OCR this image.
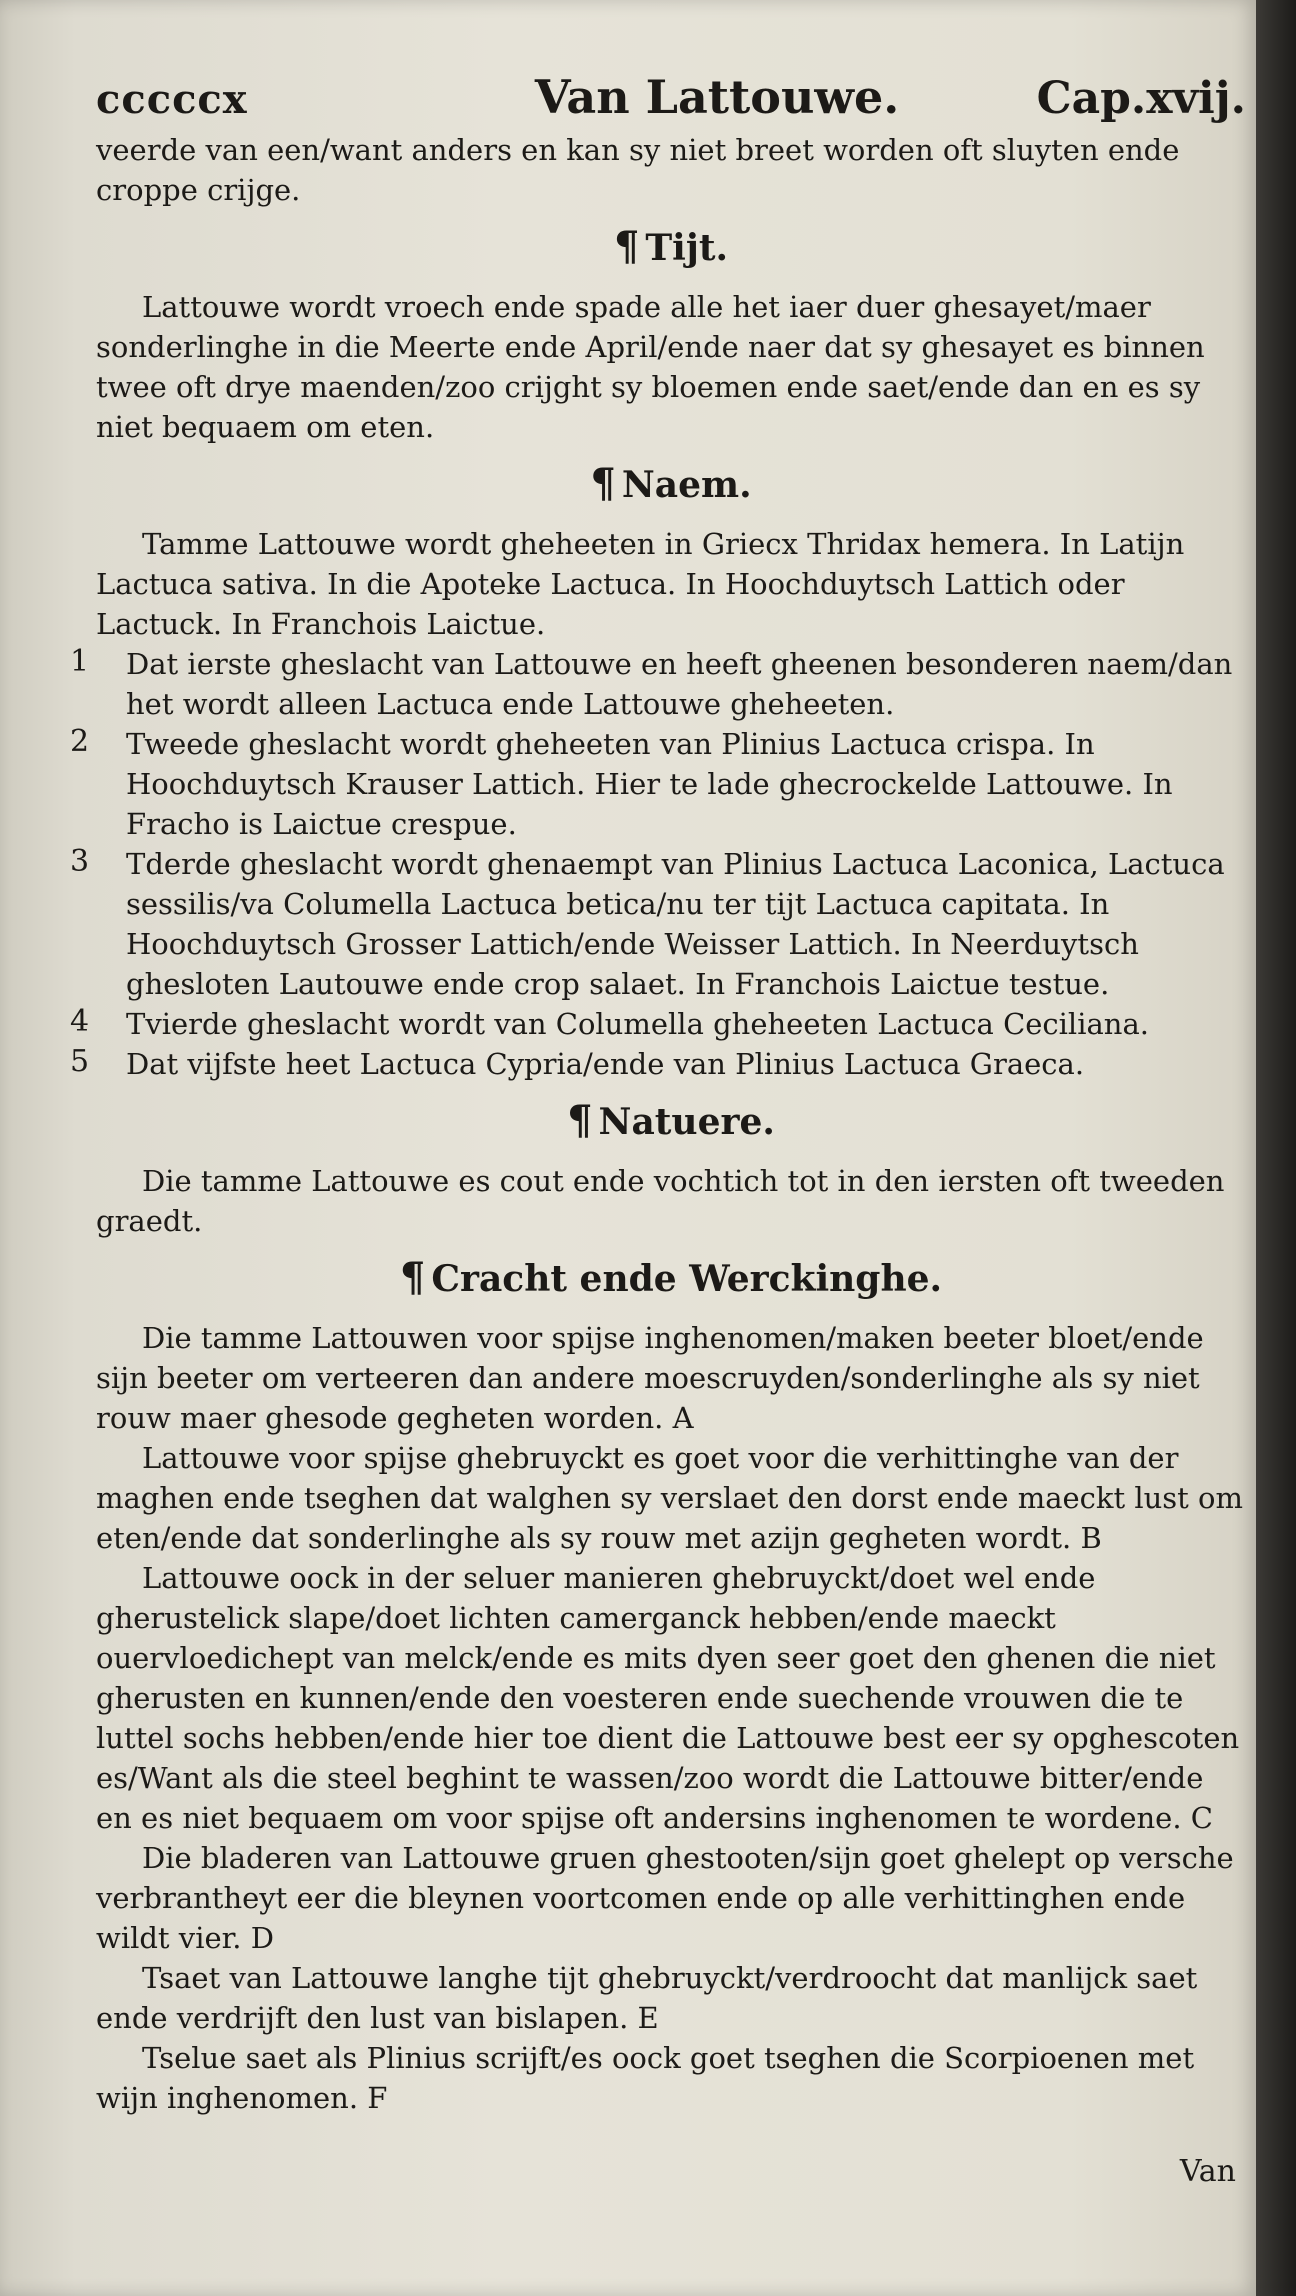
cccccx	Van Lattouwe.	Cap.xvij.

veerde van een/want anders en kan sy niet breet worden oft sluyten ende croppe crijge.

¶ Tijt.

Lattouwe wordt vroech ende spade alle het iaer duer ghesayet/maer sonderlinghe in die Meerte ende April/ende naer dat sy ghesayet es binnen twee oft drye maenden/zoo crijght sy bloemen ende saet/ende dan en es sy niet bequaem om eten.

¶ Naem.

Tamme Lattouwe wordt gheheeten in Griecx Thridax hemera. In Latijn Lactuca sativa. In die Apoteke Lactuca. In Hoochduytsch Lattich oder Lactuck. In Franchois Laictue.

1 Dat ierste gheslacht van Lattouwe en heeft gheenen besonderen naem/dan het wordt alleen Lactuca ende Lattouwe gheheeten.

2 Tweede gheslacht wordt gheheeten van Plinius Lactuca crispa. In Hoochduytsch Krauser Lattich. Hier te lade ghecrockelde Lattouwe. In Fracho is Laictue crespue.

3 Tderde gheslacht wordt ghenaempt van Plinius Lactuca Laconica, Lactuca sessilis/va Columella Lactuca betica/nu ter tijt Lactuca capitata. In Hoochduytsch Grosser Lattich/ende Weisser Lattich. In Neerduytsch ghesloten Lautouwe ende crop salaet. In Franchois Laictue testue.

4 Tvierde gheslacht wordt van Columella gheheeten Lactuca Ceciliana.

5 Dat vijfste heet Lactuca Cypria/ende van Plinius Lactuca Graeca.

¶ Natuere.

Die tamme Lattouwe es cout ende vochtich tot in den iersten oft tweeden graedt.

¶ Cracht ende Werckinghe.

Die tamme Lattouwen voor spijse inghenomen/maken beeter bloet/ende sijn beeter om verteeren dan andere moescruyden/sonderlinghe als sy niet rouw maer ghesode gegheten worden. A

Lattouwe voor spijse ghebruyckt es goet voor die verhittinghe van der maghen ende tseghen dat walghen sy verslaet den dorst ende maeckt lust om eten/ende dat sonderlinghe als sy rouw met azijn gegheten wordt. B

Lattouwe oock in der seluer manieren ghebruyckt/doet wel ende gherustelick slape/doet lichten camerganck hebben/ende maeckt ouervloedichept van melck/ende es mits dyen seer goet den ghenen die niet gherusten en kunnen/ende den voesteren ende suechende vrouwen die te luttel sochs hebben/ende hier toe dient die Lattouwe best eer sy opghescoten es/Want als die steel beghint te wassen/zoo wordt die Lattouwe bitter/ende en es niet bequaem om voor spijse oft andersins inghenomen te wordene. C

Die bladeren van Lattouwe gruen ghestooten/sijn goet ghelept op versche verbrantheyt eer die bleynen voortcomen ende op alle verhittinghen ende wildt vier. D

Tsaet van Lattouwe langhe tijt ghebruyckt/verdroocht dat manlijck saet ende verdrijft den lust van bislapen. E

Tselue saet als Plinius scrijft/es oock goet tseghen die Scorpioenen met wijn inghenomen. F

Van
